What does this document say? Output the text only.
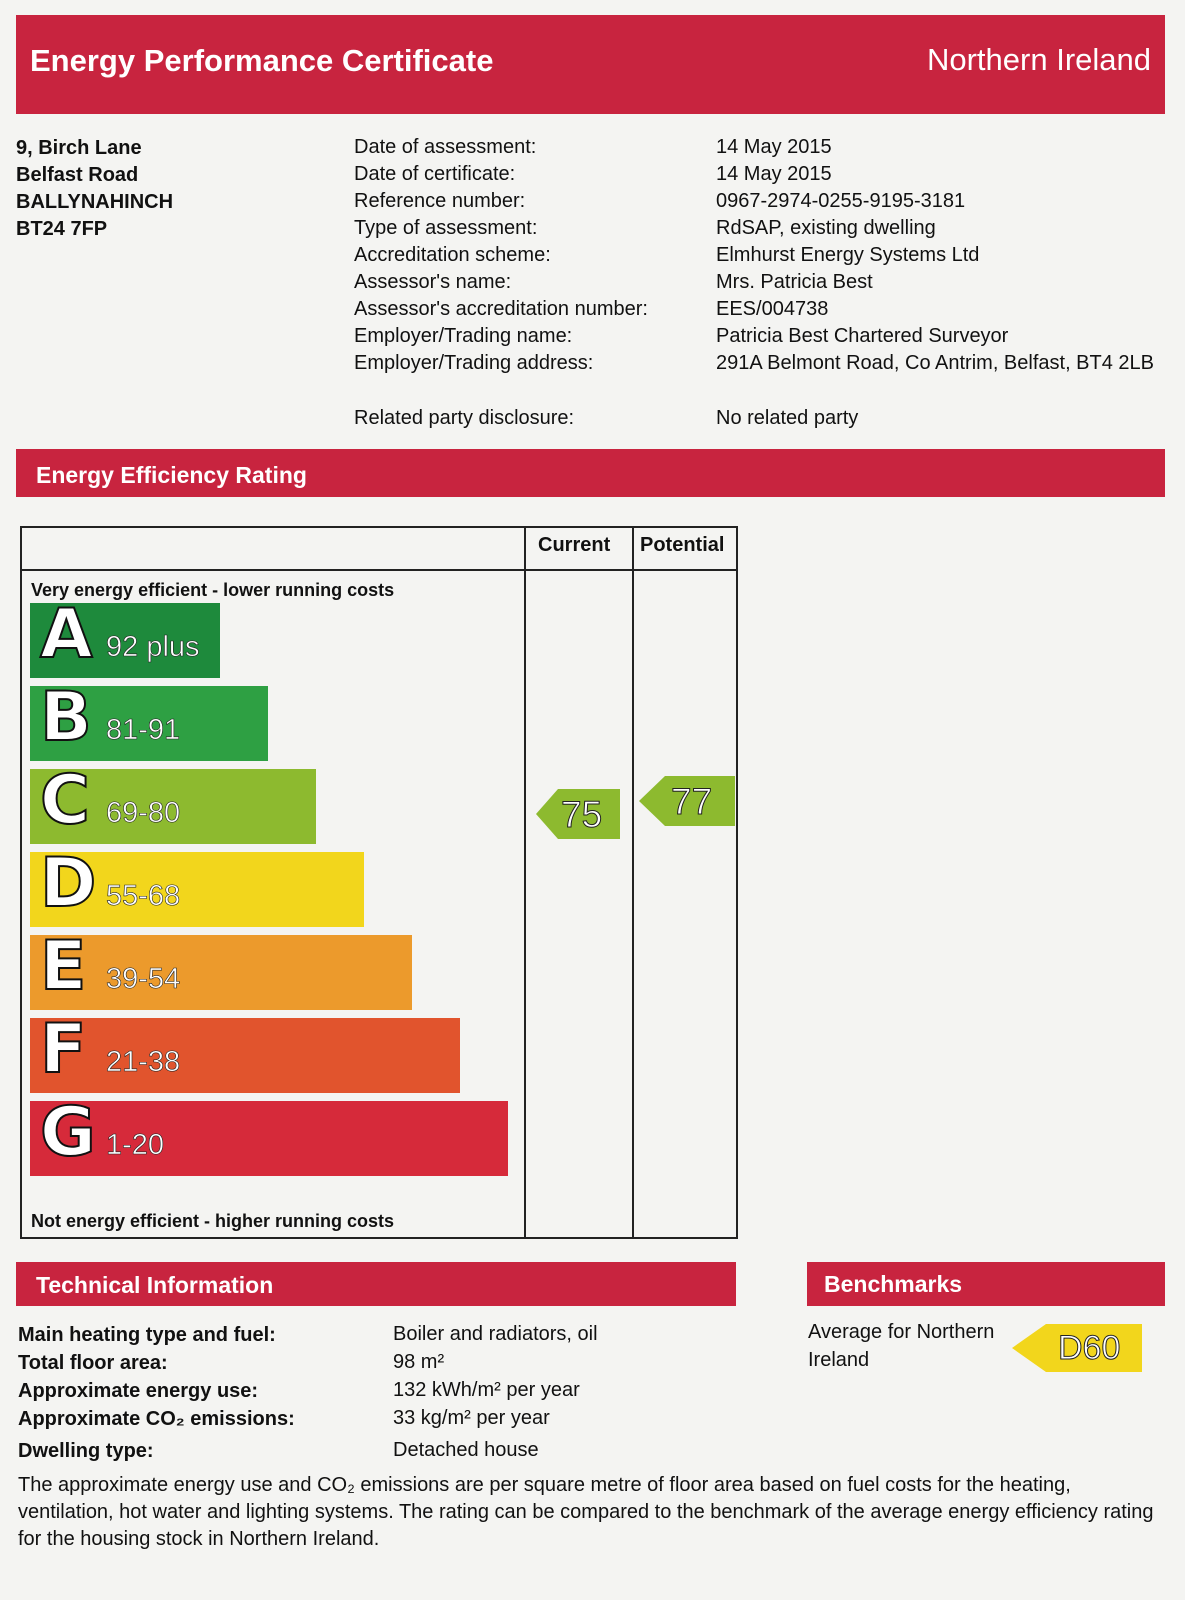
Energy Performance Certificate	Northern Ireland
9, Birch Lane
Belfast Road
BALLYNAHINCH
BT24 7FP
Date of assessment:	14 May 2015
Date of certificate:	14 May 2015
Reference number:	0967-2974-0255-9195-3181
Type of assessment:	RdSAP, existing dwelling
Accreditation scheme:	Elmhurst Energy Systems Ltd
Assessor's name:	Mrs. Patricia Best
Assessor's accreditation number:	EES/004738
Employer/Trading name:	Patricia Best Chartered Surveyor
Employer/Trading address:	291A Belmont Road, Co Antrim, Belfast, BT4 2LB
Related party disclosure:	No related party
Energy Efficiency Rating
Current Potential
Very energy efficient - lower running costs
Not energy efficient - higher running costs
A 92 plus
B 81-91
C 69-80
D 55-68
E 39-54
F 21-38
G 1-20
75 77
Technical Information	Benchmarks
Main heating type and fuel:	Boiler and radiators, oil
Total floor area:	98 m²
Approximate energy use:	132 kWh/m² per year
Approximate CO₂ emissions:	33 kg/m² per year
Dwelling type:	Detached house
Average for Northern Ireland	D60
The approximate energy use and CO₂ emissions are per square metre of floor area based on fuel costs for the heating, ventilation, hot water and lighting systems. The rating can be compared to the benchmark of the average energy efficiency rating for the housing stock in Northern Ireland.
